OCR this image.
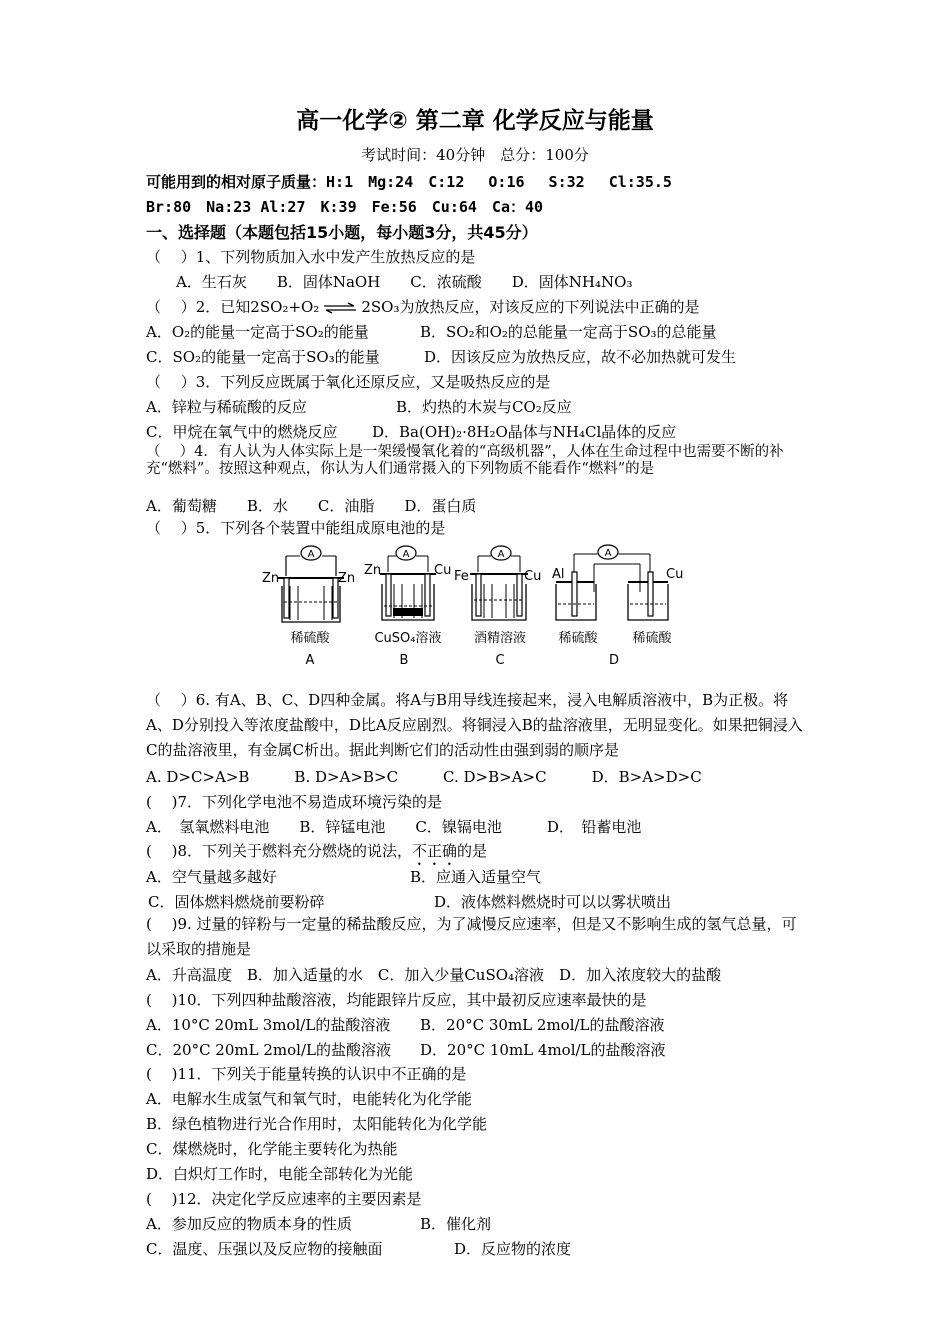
高一化学② 第二章 化学反应与能量
考试时间：40分钟　总分：100分
可能用到的相对原子质量：H:1　Mg:24　C:12　 O:16　 S:32　 Cl:35.5
Br:80　Na:23 Al:27　K:39　Fe:56　Cu:64　Ca：40
一、选择题（本题包括15小题，每小题3分，共45分）
（　 ）1、下列物质加入水中发产生放热反应的是
A．生石灰　　B．固体NaOH　　C．浓硫酸　　D．固体NH₄NO₃
（　 ）2．已知2SO₂+O₂ ⇌ 2SO₃为放热反应，对该反应的下列说法中正确的是
A．O₂的能量一定高于SO₂的能量	B．SO₂和O₂的总能量一定高于SO₃的总能量
C．SO₂的能量一定高于SO₃的能量	D．因该反应为放热反应，故不必加热就可发生
（　 ）3．下列反应既属于氧化还原反应，又是吸热反应的是
A．锌粒与稀硫酸的反应	B．灼热的木炭与CO₂反应
C．甲烷在氧气中的燃烧反应 D．Ba(OH)₂·8H₂O晶体与NH₄Cl晶体的反应
（　 ）4．有人认为人体实际上是一架缓慢氧化着的“高级机器”，人体在生命过程中也需要不断的补充“燃料”。按照这种观点，你认为人们通常摄入的下列物质不能看作“燃料”的是
A．葡萄糖　　B．水　　C．油脂　　D．蛋白质
（　 ）5．下列各个装置中能组成原电池的是
A
Zn	Zn
稀硫酸
A
A
Zn	Cu
CuSO₄溶液
B
A
Fe	Cu
酒精溶液
C
A
Al	Cu
稀硫酸	稀硫酸
D
（　 ）6. 有A、B、C、D四种金属。将A与B用导线连接起来，浸入电解质溶液中，B为正极。将A、D分别投入等浓度盐酸中，D比A反应剧烈。将铜浸入B的盐溶液里，无明显变化。如果把铜浸入C的盐溶液里，有金属C析出。据此判断它们的活动性由强到弱的顺序是
A. D>C>A>B　　　B. D>A>B>C　　　C. D>B>A>C　　　D．B>A>D>C
(　 )7．下列化学电池不易造成环境污染的是
A．　氢氧燃料电池　　B．锌锰电池　　C．镍镉电池　　　D．　铅蓄电池
(　 )8．下列关于燃料充分燃烧的说法，不正确的是
A．空气量越多越好	B．应通入适量空气
C．固体燃料燃烧前要粉碎	D．液体燃料燃烧时可以以雾状喷出
(　 )9. 过量的锌粉与一定量的稀盐酸反应，为了减慢反应速率，但是又不影响生成的氢气总量，可以采取的措施是
A．升高温度　B．加入适量的水　C．加入少量CuSO₄溶液　D．加入浓度较大的盐酸
(　 )10．下列四种盐酸溶液，均能跟锌片反应，其中最初反应速率最快的是
A．10°C 20mL 3mol/L的盐酸溶液 B．20°C 30mL 2mol/L的盐酸溶液
C．20°C 20mL 2mol/L的盐酸溶液 D．20°C 10mL 4mol/L的盐酸溶液
(　 )11．下列关于能量转换的认识中不正确的是
A．电解水生成氢气和氧气时，电能转化为化学能
B．绿色植物进行光合作用时，太阳能转化为化学能
C．煤燃烧时，化学能主要转化为热能
D．白炽灯工作时，电能全部转化为光能
(　 )12．决定化学反应速率的主要因素是
A．参加反应的物质本身的性质	B．催化剂
C．温度、压强以及反应物的接触面	D．反应物的浓度
